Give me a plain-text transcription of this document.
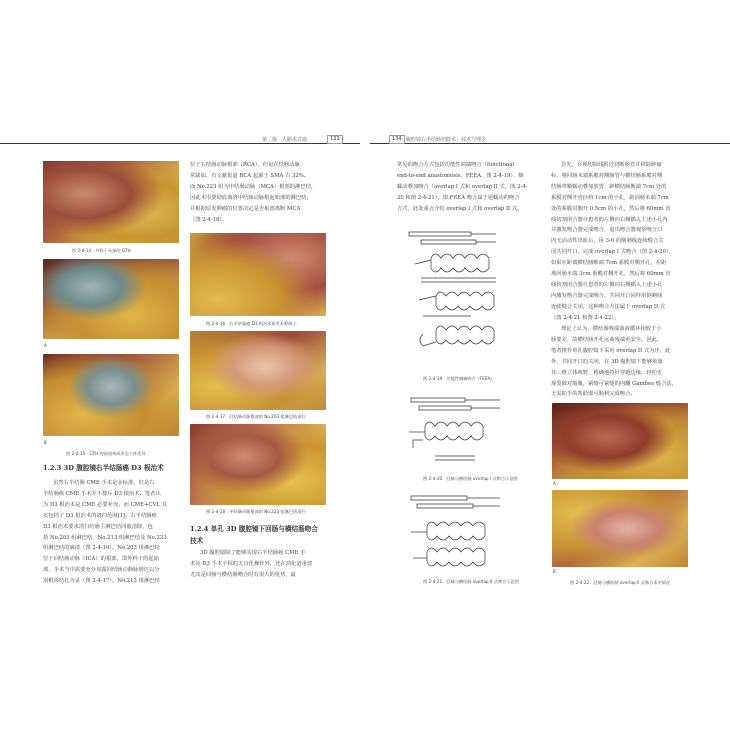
第二篇　人路术式篇	133
图 2-4-14　外科干头部的 GTH
A
B
图 2-4-15　GTH 的前剖构成形态个体差异
1.2.3 3D 腹腔镜右半结肠癌 D3 根治术
虽然右半结肠 CME 手术是金标准，但是右
半结肠癌 CME 手术并不排斥 D3 根治术，笔者认
为 D3 根治术是 CME 必要补充，而 CME+CVL 其
实包括了 D3 根治术的清扫范围[1]。右半结肠癌
D3 根治术要求清扫结肠主淋巴结回收清除，包
括 No.203 组淋巴结、No.213 组淋巴结及 No.223
组淋巴结的廓清（图 2-4-16）。No.203 组淋巴结
位于回结肠动脉（ICA）的根部，即外科干的起始
部，手术当中需要充分显露回结肠动静脉到达以分
别根部结扎为妥（图 2-4-17）。No.213 组淋巴结
位于右结肠动脉根部（RCA），但是在结肠动脉
常缺如，有文献报道 RCA 起源于 SMA 占 32%。
而 No.223 组为中结肠动脉（MCA）根部的淋巴结，
因此术中要彻底离清中结肠动脉根起始部的淋巴结，
并根据原发肿瘤的位置决定是否根部离断 MCA
（图 2-4-18）。
图 2-4-16　右半结肠癌 D3 根治术血管术野展示
图 2-4-17　回结肠动脉根部的 No.203 组淋巴结清扫
图 2-4-18　中结肠动脉根部的 No.223 组淋巴结清扫
1.2.4 单孔 3D 腹腔镜下回肠与横结肠吻合
技术
3D 腹腔镜除了能够实现右半结肠癌 CME 手
术及 D3 手术全程的无盲化操作外，还在消化道重建
尤其是回肠与横结肠吻合时有很大的优势，最
134 腹腔镜右半结肠切除术：技术与理念
常见的吻合方式包括功能性端端吻合（functional
end-to-end anastomosis，FEEA，图 2-4-19），顺
蠕动叠加吻合（overlap I 式和 overlap II 式，图 2-4-
20 和图 2-4-21）。即 FEEA 吻合属于逆蠕动的吻合
方式，此处重点介绍 overlap I 式和 overlap II 式。
图 2-4-19　功能性端端吻合（FEEA）
图 2-4-20　回肠与横结肠 overlap I 式吻合示意图
图 2-4-21　回肠与横结肠 overlap II 式吻合示意图
首先，在预切除线附近切断肠管并移除肿瘤
标，将回肠末端系膜对侧肠管与横结肠系膜对侧
结肠带顺蠕动叠加放置，距横结肠断端 7cm 处的
系膜对侧开直径约 1cm 的小孔，距回肠末端 7cm
处的系膜对侧开 0.5cm 的小孔，然后将 60mm 直
线切割闭合器自患者的左侧向右侧插入上述小孔内
并激发吻合器完成吻合，退出吻合器观察吻合口
内无活动性出血后，用 3-0 的倒刺线连续缝合关
闭共同开口，完成 overlap I 式吻合（图 2-4-20）。
如果在距离横结肠断端 7cm 系膜对侧开孔，在距
离回肠末端 3cm 系膜对侧开孔，然后将 60mm 直
线切割闭合器自患者的左侧向右侧插入上述小孔
内激发吻合器完成吻合，共同开口同样用倒刺线
连续缝合关闭，这种吻合方法属于 overlap II 式
（图 2-4-21 和图 2-4-22）。
理论上认为，横结肠残端血液循环相较于小
肠要差，故横结肠开孔远离残端更安全。因此，
笔者推荐单孔腹腔镜下采用 overlap II 式为佳，此
外，共同开口的关闭，在 3D 腹腔镜下能够依靠
其三维立体视野，精确地持针穿越边缘，轻松实
现裂隙对脂腹，紧缝可紧缝的内翻 Gambee 缝合法，
无需助手的帮助即可顺利完成吻合。
A
B
图 2-4-22　回肠与横结肠 overlap II 式吻合术中情况
